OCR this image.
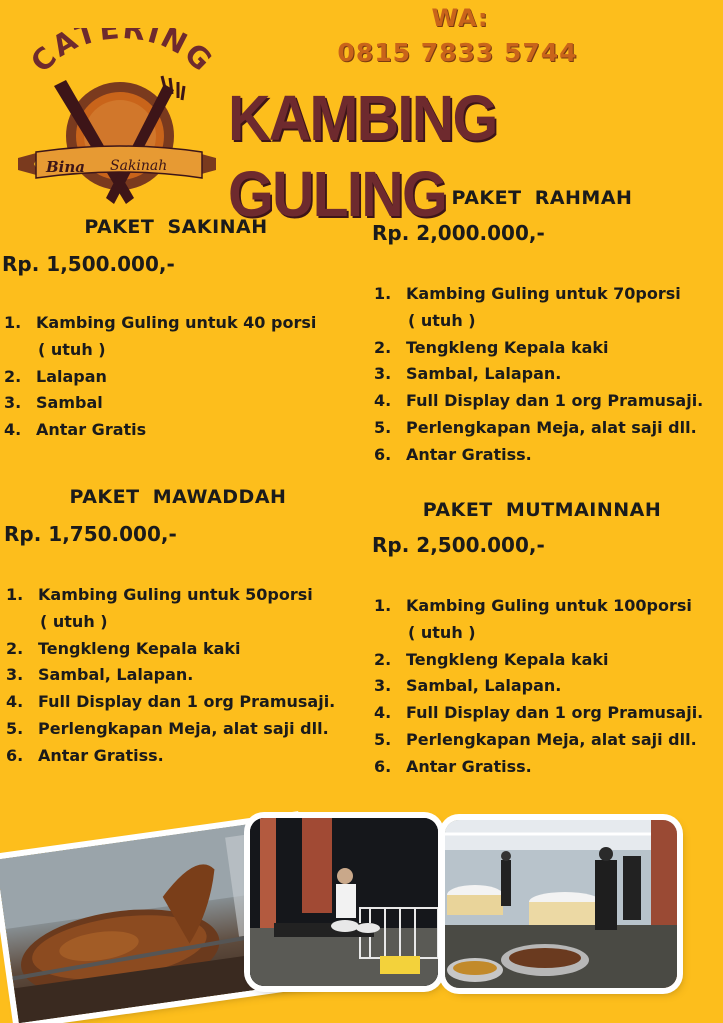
WA:
0815 7833 5744
KAMBING GULING
CATERING
Bina Sakinah
PAKET SAKINAH
Rp. 1,500.000,-
1. Kambing Guling untuk 40 porsi
( utuh )
2. Lalapan
3. Sambal
4. Antar Gratis
PAKET MAWADDAH
Rp. 1,750.000,-
1. Kambing Guling untuk 50porsi
( utuh )
2. Tengkleng Kepala kaki
3. Sambal, Lalapan.
4. Full Display dan 1 org Pramusaji.
5. Perlengkapan Meja, alat saji dll.
6. Antar Gratiss.
PAKET RAHMAH
Rp. 2,000.000,-
1. Kambing Guling untuk 70porsi
( utuh )
2. Tengkleng Kepala kaki
3. Sambal, Lalapan.
4. Full Display dan 1 org Pramusaji.
5. Perlengkapan Meja, alat saji dll.
6. Antar Gratiss.
PAKET MUTMAINNAH
Rp. 2,500.000,-
1. Kambing Guling untuk 100porsi
( utuh )
2. Tengkleng Kepala kaki
3. Sambal, Lalapan.
4. Full Display dan 1 org Pramusaji.
5. Perlengkapan Meja, alat saji dll.
6. Antar Gratiss.
